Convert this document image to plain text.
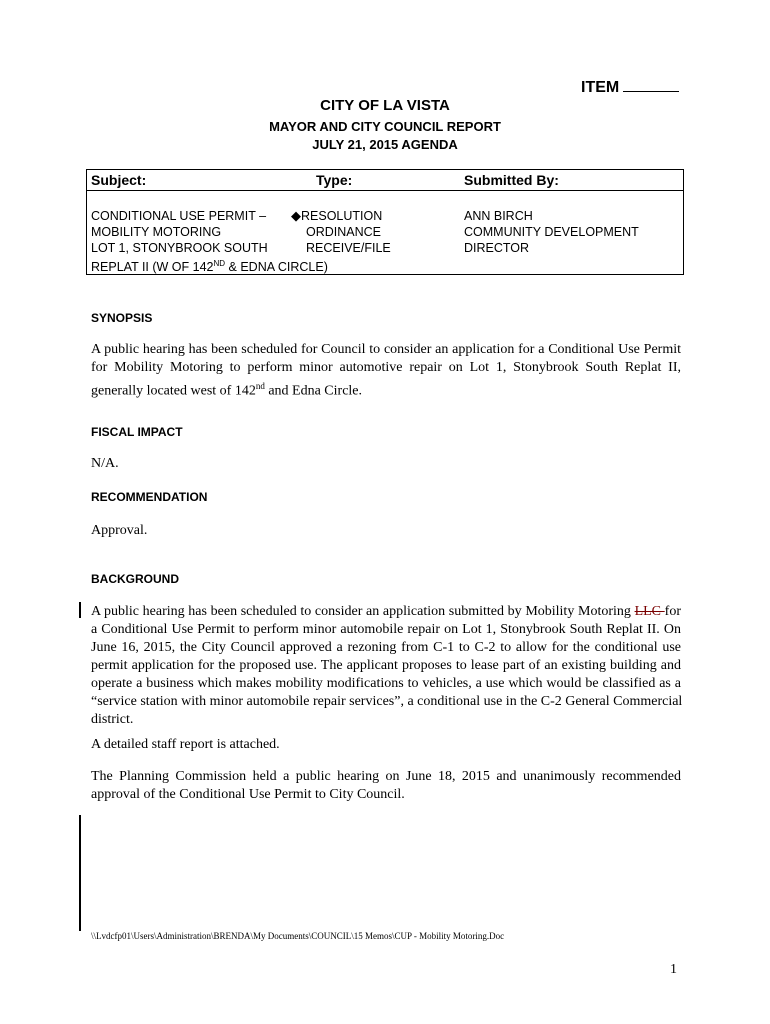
ITEM
CITY OF LA VISTA
MAYOR AND CITY COUNCIL REPORT
JULY 21, 2015 AGENDA
Subject:	Type:	Submitted By:
CONDITIONAL USE PERMIT –
MOBILITY MOTORING
LOT 1, STONYBROOK SOUTH
REPLAT II (W OF 142ND & EDNA CIRCLE)
◆RESOLUTION
ORDINANCE
RECEIVE/FILE
ANN BIRCH
COMMUNITY DEVELOPMENT
DIRECTOR
SYNOPSIS
A public hearing has been scheduled for Council to consider an application for a Conditional Use Permit
for Mobility Motoring to perform minor automotive repair on Lot 1, Stonybrook South Replat II,
generally located west of 142nd and Edna Circle.
FISCAL IMPACT
N/A.
RECOMMENDATION
Approval.
BACKGROUND
A public hearing has been scheduled to consider an application submitted by Mobility Motoring LLC for
a Conditional Use Permit to perform minor automobile repair on Lot 1, Stonybrook South Replat II. On
June 16, 2015, the City Council approved a rezoning from C-1 to C-2 to allow for the conditional use
permit application for the proposed use. The applicant proposes to lease part of an existing building and
operate a business which makes mobility modifications to vehicles, a use which would be classified as a
“service station with minor automobile repair services”, a conditional use in the C-2 General Commercial
district.
A detailed staff report is attached.
The Planning Commission held a public hearing on June 18, 2015 and unanimously recommended
approval of the Conditional Use Permit to City Council.
\\Lvdcfp01\Users\Administration\BRENDA\My Documents\COUNCIL\15 Memos\CUP - Mobility Motoring.Doc
1
